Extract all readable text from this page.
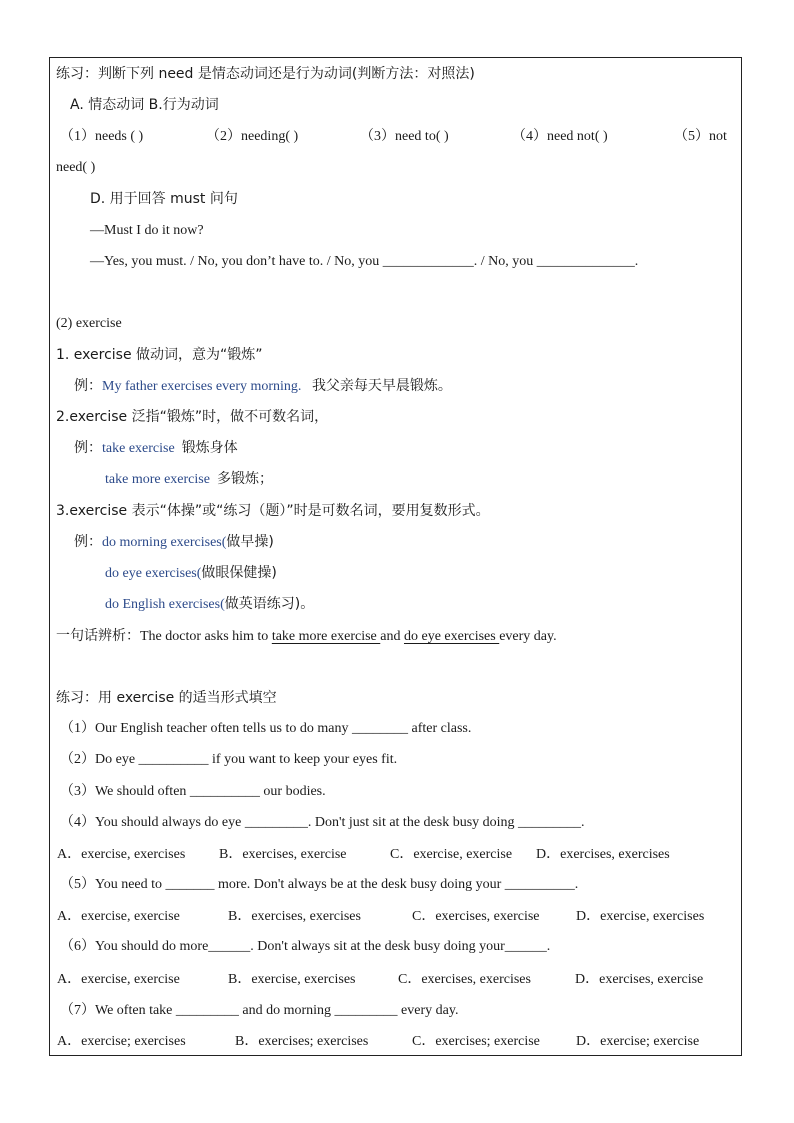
练习：判断下列 need 是情态动词还是行为动词(判断方法：对照法)
A. 情态动词 B.行为动词
（1）needs ( )	（2）needing( )	（3）need to( )	（4）need not( )	（5）not
need( )
D. 用于回答 must 问句
—Must I do it now?
—Yes, you must. / No, you don’t have to. / No, you _____________. / No, you ______________.
(2) exercise
1. exercise 做动词，意为“锻炼”
例：My father exercises every morning. 我父亲每天早晨锻炼。
2.exercise 泛指“锻炼”时，做不可数名词，
例：take exercise 锻炼身体
take more exercise 多锻炼；
3.exercise 表示“体操”或“练习（题）”时是可数名词，要用复数形式。
例：do morning exercises(做早操)
do eye exercises(做眼保健操)
do English exercises(做英语练习)。
一句话辨析：The doctor asks him to take more exercise and do eye exercises every day.
练习：用 exercise 的适当形式填空
（1）Our English teacher often tells us to do many ________ after class.
（2）Do eye __________ if you want to keep your eyes fit.
（3）We should often __________ our bodies.
（4）You should always do eye _________. Don't just sit at the desk busy doing _________.
A．exercise, exercises B．exercises, exercise	C．exercise, exercise D．exercises, exercises
（5）You need to _______ more. Don't always be at the desk busy doing your __________.
A．exercise, exercise	B．exercises, exercises	C．exercises, exercise	D．exercise, exercises
（6）You should do more______. Don't always sit at the desk busy doing your______.
A．exercise, exercise	B．exercise, exercises	C．exercises, exercises	D．exercises, exercise
（7）We often take _________ and do morning _________ every day.
A．exercise; exercises	B．exercises; exercises	C．exercises; exercise	D．exercise; exercise
